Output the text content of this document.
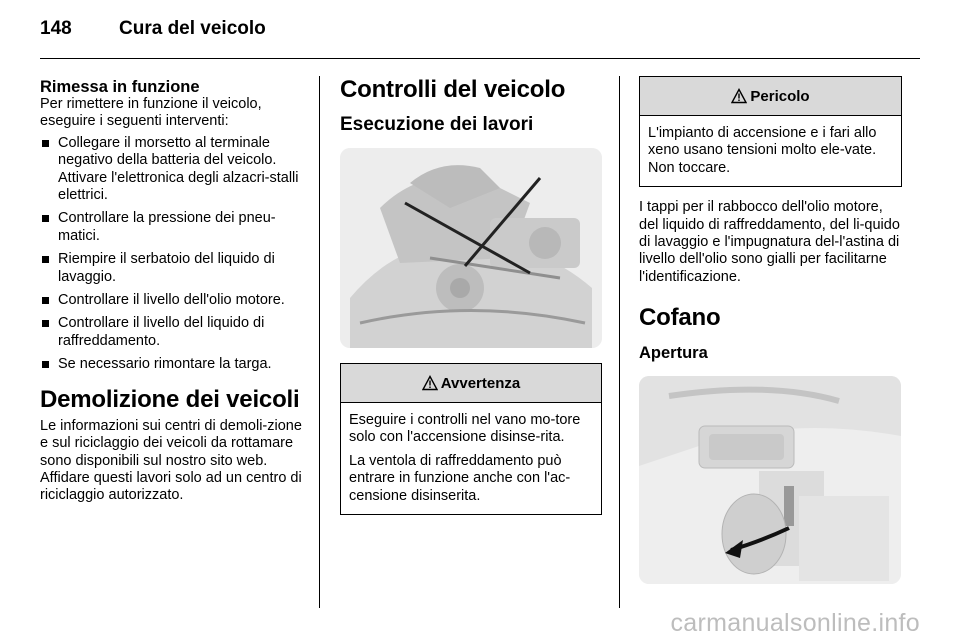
148 Cura del veicolo
Rimessa in funzione

Per rimettere in funzione il veicolo, eseguire i seguenti interventi:

Collegare il morsetto al terminale negativo della batteria del veicolo. Attivare l'elettronica degli alzacri-stalli elettrici.
Controllare la pressione dei pneu-matici.
Riempire il serbatoio del liquido di lavaggio.
Controllare il livello dell'olio motore.
Controllare il livello del liquido di raffreddamento.
Se necessario rimontare la targa.
Demolizione dei veicoli

Le informazioni sui centri di demoli-zione e sul riciclaggio dei veicoli da rottamare sono disponibili sul nostro sito web. Affidare questi lavori solo ad un centro di riciclaggio autorizzato.

Controlli del veicolo
Esecuzione dei lavori
Avvertenza

Eseguire i controlli nel vano mo-tore solo con l'accensione disinse-rita.

La ventola di raffreddamento può entrare in funzione anche con l'ac-censione disinserita.

Pericolo

L'impianto di accensione e i fari allo xeno usano tensioni molto ele-vate. Non toccare.

I tappi per il rabbocco dell'olio motore, del liquido di raffreddamento, del li-quido di lavaggio e l'impugnatura del-l'astina di livello dell'olio sono gialli per facilitarne l'identificazione.

Cofano
Apertura
carmanualsonline.info
